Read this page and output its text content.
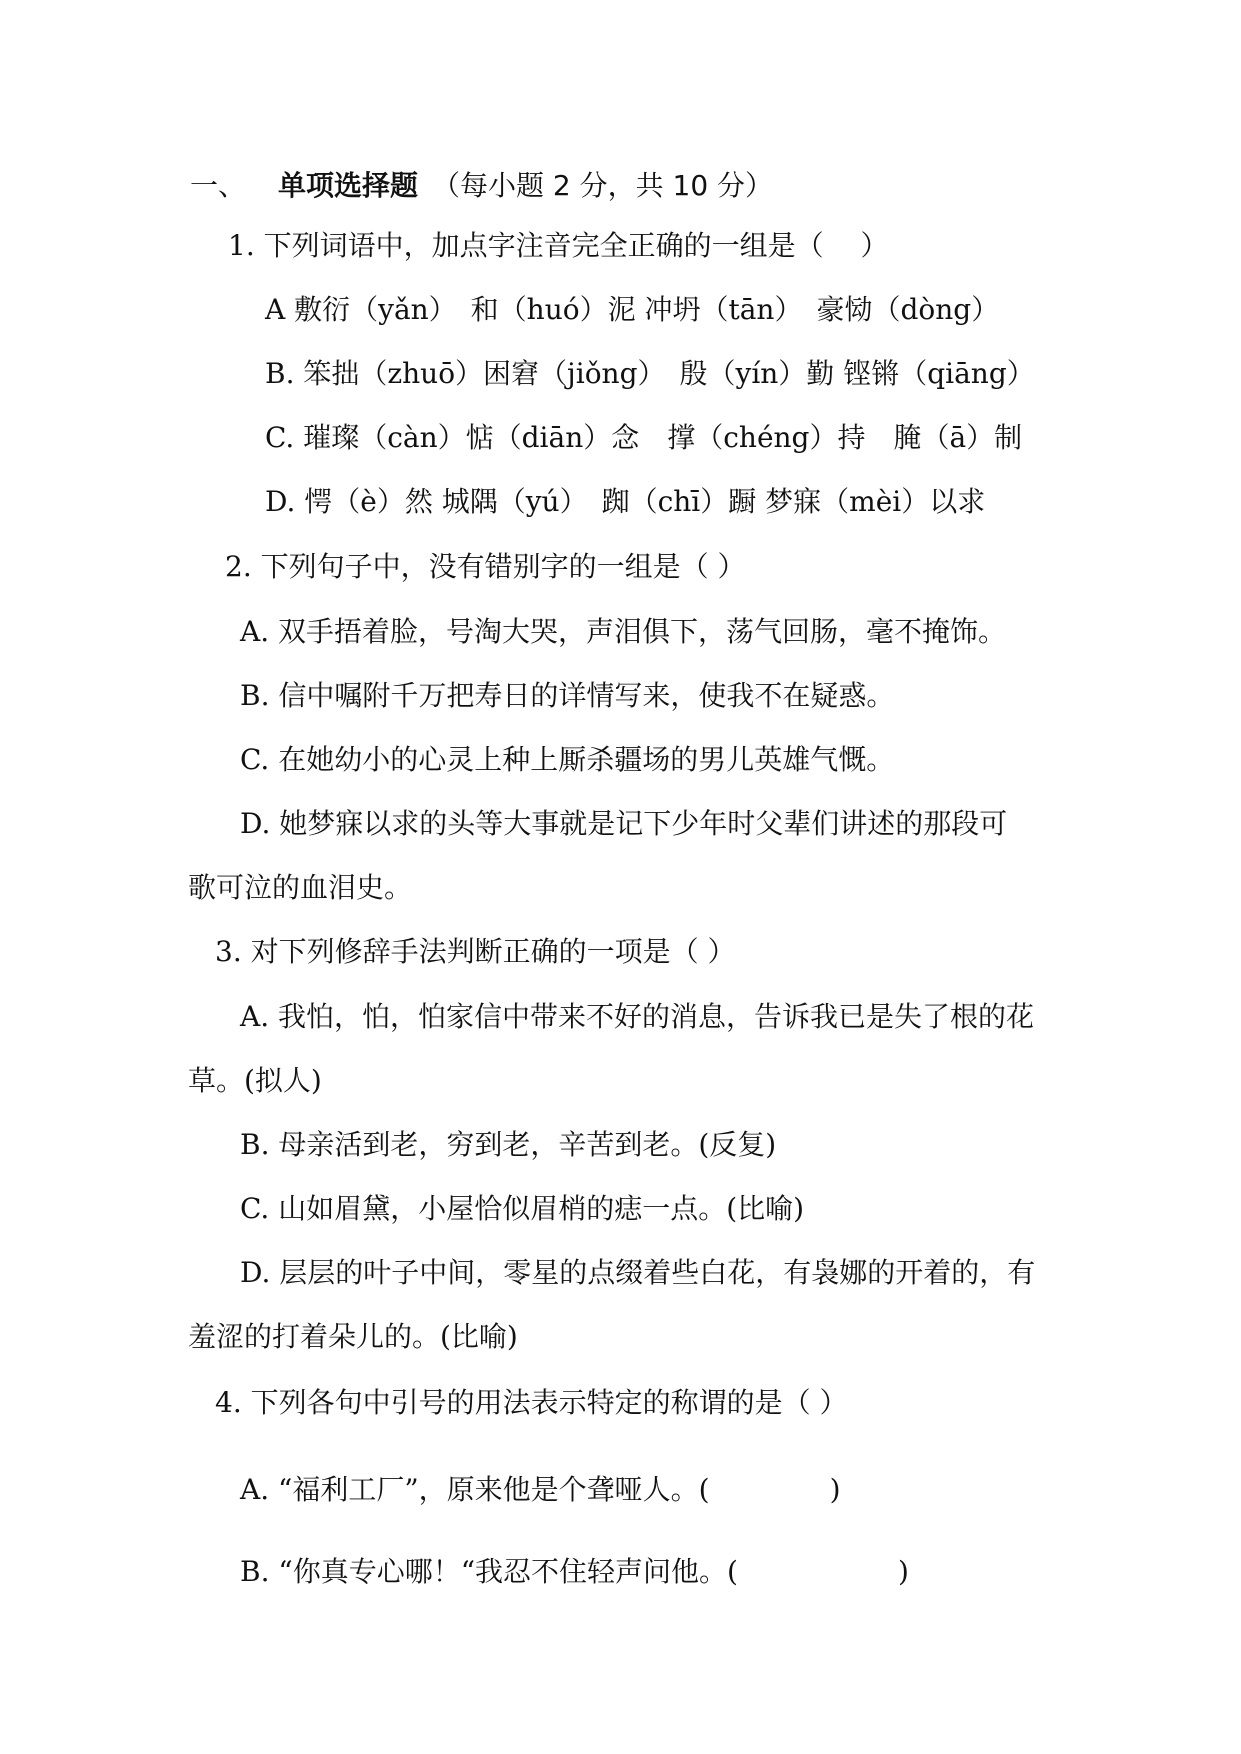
一、 单项选择题 （每小题 2 分，共 10 分）
1. 下列词语中，加点字注音完全正确的一组是（　 ）
A 敷衍（yǎn）　和（huó）泥 冲坍（tān）　豪恸（dòng）
B. 笨拙（zhuō）困窘（jiǒng）　殷（yín）勤 铿锵（qiāng）
C. 璀璨（càn）惦（diān）念　撑（chéng）持　腌（ā）制
D. 愕（è）然 城隅（yú）　踟（chī）蹰 梦寐（mèi）以求
2. 下列句子中，没有错别字的一组是（ ）
A. 双手捂着脸，号淘大哭，声泪俱下，荡气回肠，毫不掩饰。
B. 信中嘱附千万把寿日的详情写来，使我不在疑惑。
C. 在她幼小的心灵上种上厮杀疆场的男儿英雄气慨。
D. 她梦寐以求的头等大事就是记下少年时父辈们讲述的那段可
歌可泣的血泪史。
3. 对下列修辞手法判断正确的一项是（ ）
A. 我怕，怕，怕家信中带来不好的消息，告诉我已是失了根的花
草。(拟人)
B. 母亲活到老，穷到老，辛苦到老。(反复)
C. 山如眉黛，小屋恰似眉梢的痣一点。(比喻)
D. 层层的叶子中间，零星的点缀着些白花，有袅娜的开着的，有
羞涩的打着朵儿的。(比喻)
4. 下列各句中引号的用法表示特定的称谓的是（ ）
A. “福利工厂”，原来他是个聋哑人。(	)
B. “你真专心哪！“我忍不住轻声问他。(	)
